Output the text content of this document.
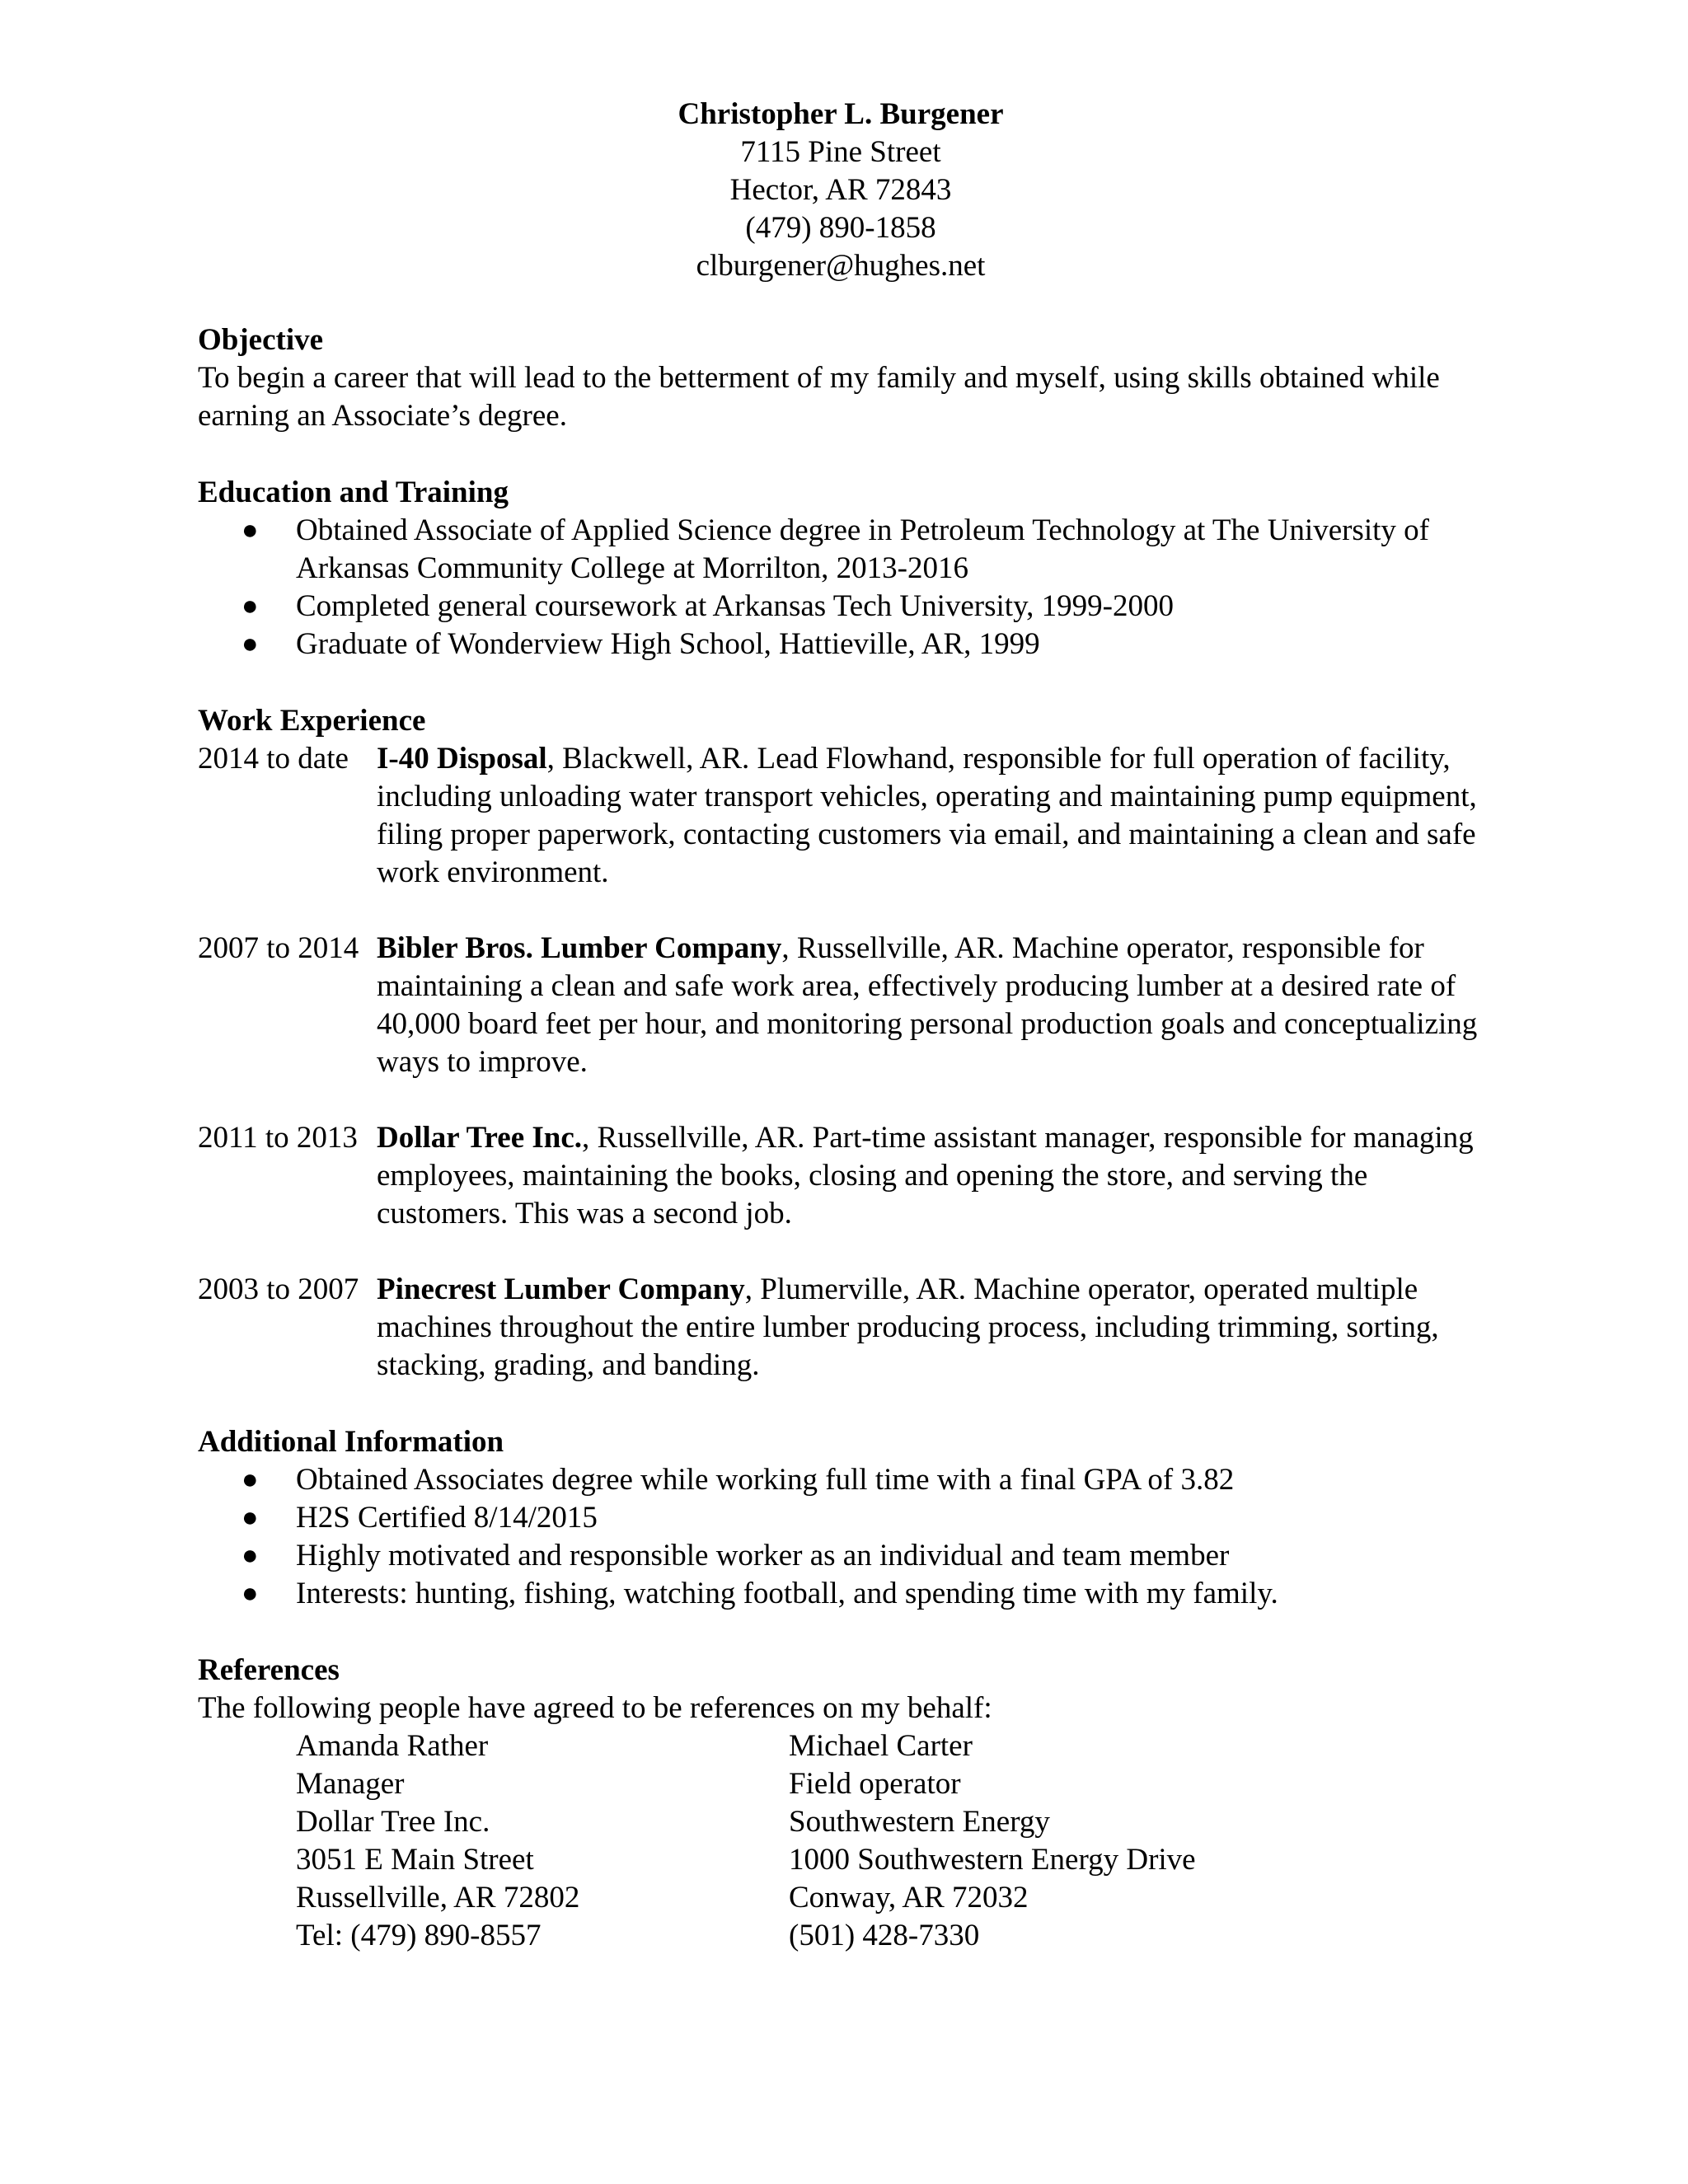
Christopher L. Burgener
7115 Pine Street
Hector, AR 72843
(479) 890-1858
clburgener@hughes.net
Objective
To begin a career that will lead to the betterment of my family and myself, using skills obtained while earning an Associate’s degree.
Education and Training
● Obtained Associate of Applied Science degree in Petroleum Technology at The University of Arkansas Community College at Morrilton, 2013-2016
● Completed general coursework at Arkansas Tech University, 1999-2000
● Graduate of Wonderview High School, Hattieville, AR, 1999
Work Experience
2014 to date I-40 Disposal, Blackwell, AR. Lead Flowhand, responsible for full operation of facility, including unloading water transport vehicles, operating and maintaining pump equipment, filing proper paperwork, contacting customers via email, and maintaining a clean and safe work environment.
2007 to 2014 Bibler Bros. Lumber Company, Russellville, AR. Machine operator, responsible for maintaining a clean and safe work area, effectively producing lumber at a desired rate of 40,000 board feet per hour, and monitoring personal production goals and conceptualizing ways to improve.
2011 to 2013 Dollar Tree Inc., Russellville, AR. Part-time assistant manager, responsible for managing employees, maintaining the books, closing and opening the store, and serving the customers. This was a second job.
2003 to 2007 Pinecrest Lumber Company, Plumerville, AR. Machine operator, operated multiple machines throughout the entire lumber producing process, including trimming, sorting, stacking, grading, and banding.
Additional Information
● Obtained Associates degree while working full time with a final GPA of 3.82
● H2S Certified 8/14/2015
● Highly motivated and responsible worker as an individual and team member
● Interests: hunting, fishing, watching football, and spending time with my family.
References
The following people have agreed to be references on my behalf:
Amanda Rather
Manager
Dollar Tree Inc.
3051 E Main Street
Russellville, AR 72802
Tel: (479) 890-8557
Michael Carter
Field operator
Southwestern Energy
1000 Southwestern Energy Drive
Conway, AR 72032
(501) 428-7330
